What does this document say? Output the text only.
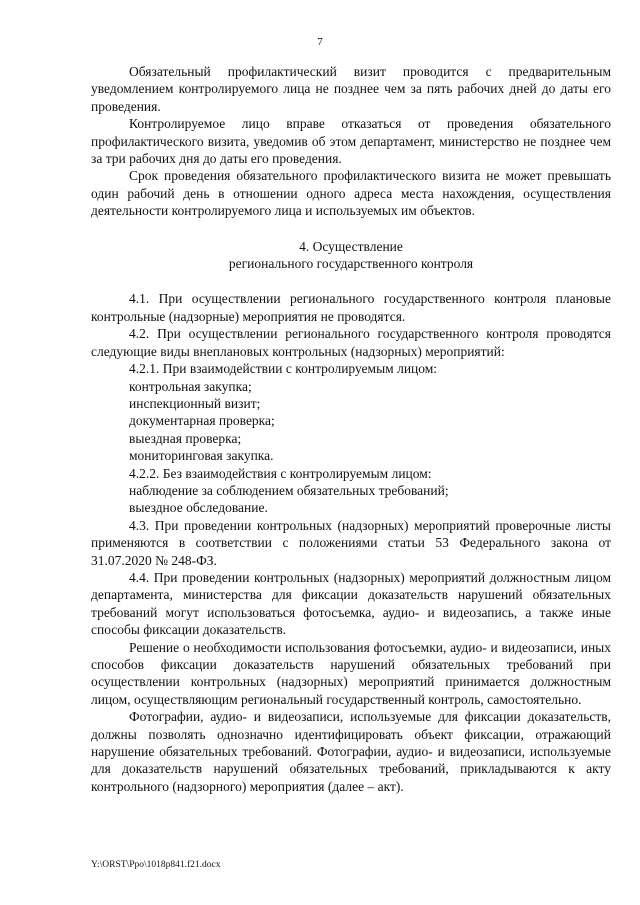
7

Обязательный профилактический визит проводится с предварительным уведомлением контролируемого лица не позднее чем за пять рабочих дней до даты его проведения.

Контролируемое лицо вправе отказаться от проведения обязательного профилактического визита, уведомив об этом департамент, министерство не позднее чем за три рабочих дня до даты его проведения.

Срок проведения обязательного профилактического визита не может превышать один рабочий день в отношении одного адреса места нахождения, осуществления деятельности контролируемого лица и используемых им объектов.

4. Осуществление

регионального государственного контроля

4.1. При осуществлении регионального государственного контроля плановые контрольные (надзорные) мероприятия не проводятся.

4.2. При осуществлении регионального государственного контроля проводятся следующие виды внеплановых контрольных (надзорных) мероприятий:

4.2.1. При взаимодействии с контролируемым лицом:

контрольная закупка;

инспекционный визит;

документарная проверка;

выездная проверка;

мониторинговая закупка.

4.2.2. Без взаимодействия с контролируемым лицом:

наблюдение за соблюдением обязательных требований;

выездное обследование.

4.3. При проведении контрольных (надзорных) мероприятий проверочные листы применяются в соответствии с положениями статьи 53 Федерального закона от 31.07.2020 № 248-ФЗ.

4.4. При проведении контрольных (надзорных) мероприятий должностным лицом департамента, министерства для фиксации доказательств нарушений обязательных требований могут использоваться фотосъемка, аудио- и видеозапись, а также иные способы фиксации доказательств.

Решение о необходимости использования фотосъемки, аудио- и видеозаписи, иных способов фиксации доказательств нарушений обязательных требований при осуществлении контрольных (надзорных) мероприятий принимается должностным лицом, осуществляющим региональный государственный контроль, самостоятельно.

Фотографии, аудио- и видеозаписи, используемые для фиксации доказательств, должны позволять однозначно идентифицировать объект фиксации, отражающий нарушение обязательных требований. Фотографии, аудио- и видеозаписи, используемые для доказательств нарушений обязательных требований, прикладываются к акту контрольного (надзорного) мероприятия (далее – акт).

Y:\ORST\Ppo\1018p841.f21.docx
